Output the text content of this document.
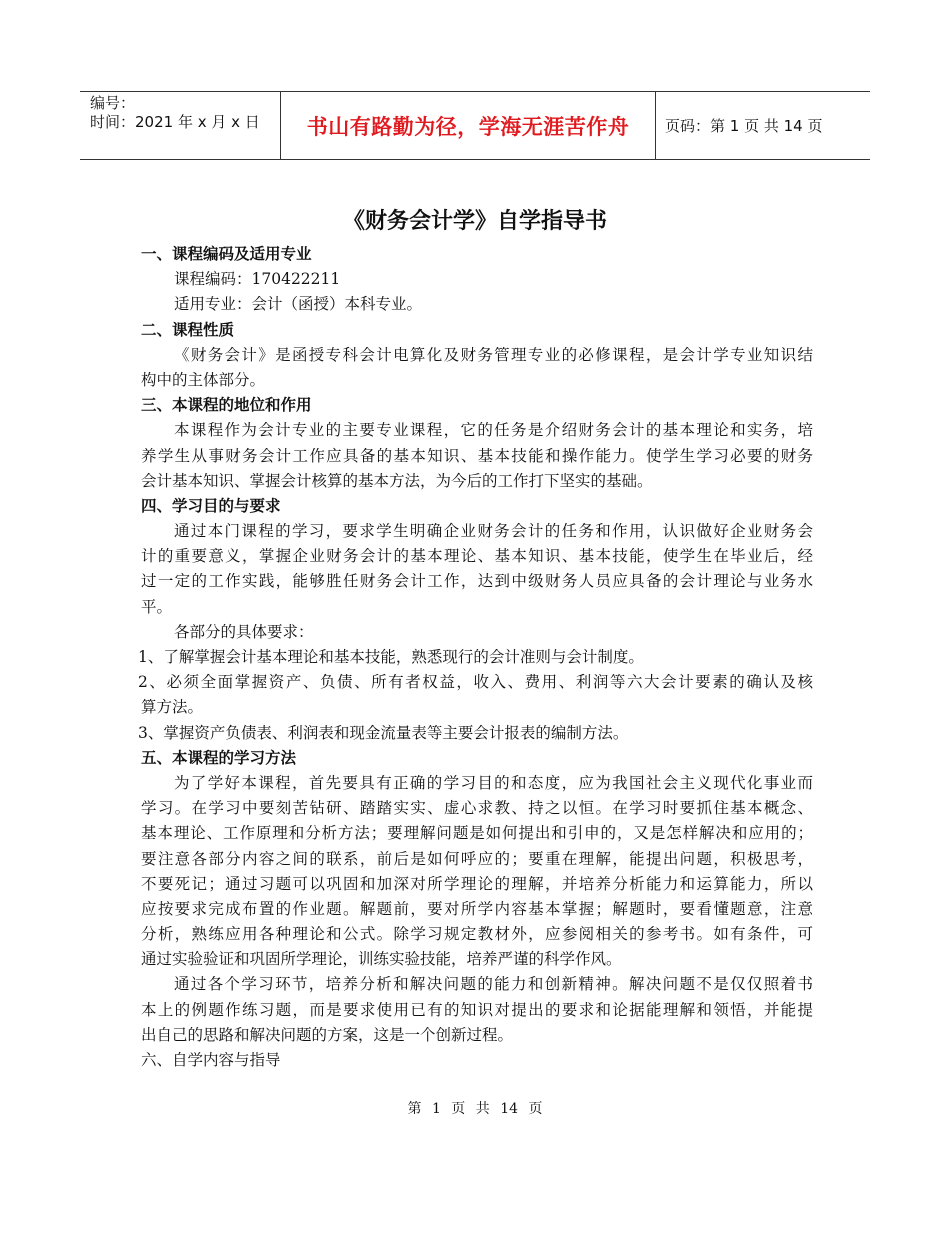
编号：
时间：2021 年 x 月 x 日	书山有路勤为径，学海无涯苦作舟	页码：第 1 页 共 14 页
《财务会计学》自学指导书
一、课程编码及适用专业
课程编码：170422211
适用专业：会计（函授）本科专业。
二、课程性质
《财务会计》是函授专科会计电算化及财务管理专业的必修课程，是会计学专业知识结
构中的主体部分。
三、本课程的地位和作用
本课程作为会计专业的主要专业课程，它的任务是介绍财务会计的基本理论和实务，培
养学生从事财务会计工作应具备的基本知识、基本技能和操作能力。使学生学习必要的财务
会计基本知识、掌握会计核算的基本方法，为今后的工作打下坚实的基础。
四、学习目的与要求
通过本门课程的学习，要求学生明确企业财务会计的任务和作用，认识做好企业财务会
计的重要意义，掌握企业财务会计的基本理论、基本知识、基本技能，使学生在毕业后，经
过一定的工作实践，能够胜任财务会计工作，达到中级财务人员应具备的会计理论与业务水
平。
各部分的具体要求：
1、了解掌握会计基本理论和基本技能，熟悉现行的会计准则与会计制度。
2、必须全面掌握资产、负债、所有者权益，收入、费用、利润等六大会计要素的确认及核
算方法。
3、掌握资产负债表、利润表和现金流量表等主要会计报表的编制方法。
五、本课程的学习方法
为了学好本课程，首先要具有正确的学习目的和态度，应为我国社会主义现代化事业而
学习。在学习中要刻苦钻研、踏踏实实、虚心求教、持之以恒。在学习时要抓住基本概念、
基本理论、工作原理和分析方法；要理解问题是如何提出和引申的，又是怎样解决和应用的；
要注意各部分内容之间的联系，前后是如何呼应的；要重在理解，能提出问题，积极思考，
不要死记；通过习题可以巩固和加深对所学理论的理解，并培养分析能力和运算能力，所以
应按要求完成布置的作业题。解题前，要对所学内容基本掌握；解题时，要看懂题意，注意
分析，熟练应用各种理论和公式。除学习规定教材外，应参阅相关的参考书。如有条件，可
通过实验验证和巩固所学理论，训练实验技能，培养严谨的科学作风。
通过各个学习环节，培养分析和解决问题的能力和创新精神。解决问题不是仅仅照着书
本上的例题作练习题，而是要求使用已有的知识对提出的要求和论据能理解和领悟，并能提
出自己的思路和解决问题的方案，这是一个创新过程。
六、自学内容与指导
第 1 页 共 14 页
